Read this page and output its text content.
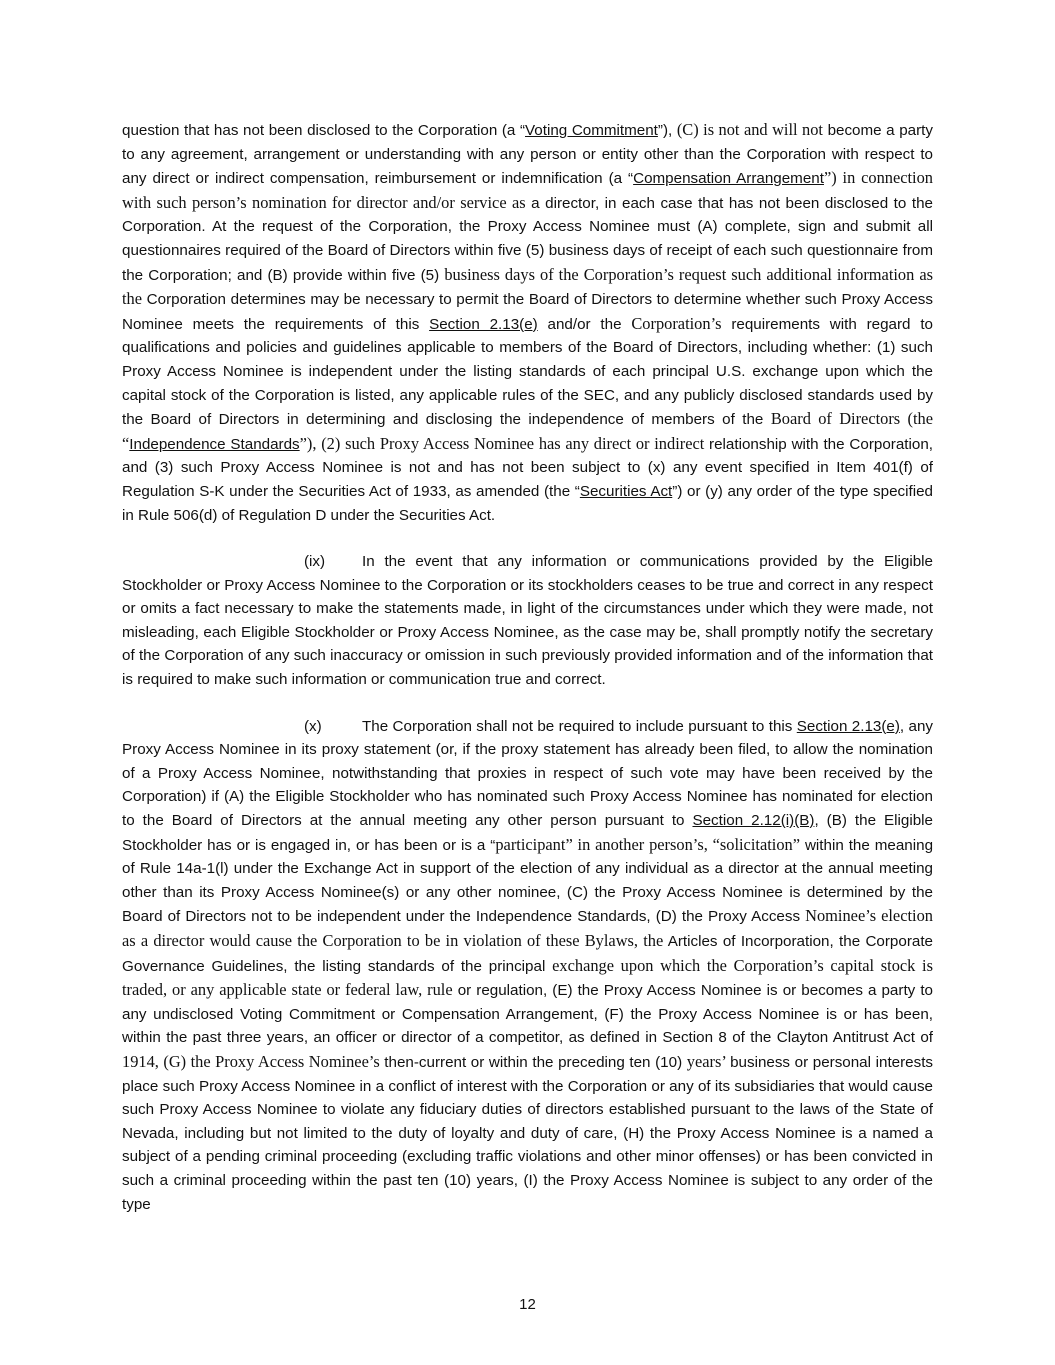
question that has not been disclosed to the Corporation (a “Voting Commitment”), (C) is not and will not become a party to any agreement, arrangement or understanding with any person or entity other than the Corporation with respect to any direct or indirect compensation, reimbursement or indemnification (a “Compensation Arrangement”) in connection with such person’s nomination for director and/or service as a director, in each case that has not been disclosed to the Corporation. At the request of the Corporation, the Proxy Access Nominee must (A) complete, sign and submit all questionnaires required of the Board of Directors within five (5) business days of receipt of each such questionnaire from the Corporation; and (B) provide within five (5) business days of the Corporation’s request such additional information as the Corporation determines may be necessary to permit the Board of Directors to determine whether such Proxy Access Nominee meets the requirements of this Section 2.13(e) and/or the Corporation’s requirements with regard to qualifications and policies and guidelines applicable to members of the Board of Directors, including whether: (1) such Proxy Access Nominee is independent under the listing standards of each principal U.S. exchange upon which the capital stock of the Corporation is listed, any applicable rules of the SEC, and any publicly disclosed standards used by the Board of Directors in determining and disclosing the independence of members of the Board of Directors (the “Independence Standards”), (2) such Proxy Access Nominee has any direct or indirect relationship with the Corporation, and (3) such Proxy Access Nominee is not and has not been subject to (x) any event specified in Item 401(f) of Regulation S-K under the Securities Act of 1933, as amended (the “Securities Act”) or (y) any order of the type specified in Rule 506(d) of Regulation D under the Securities Act.

(ix) In the event that any information or communications provided by the Eligible Stockholder or Proxy Access Nominee to the Corporation or its stockholders ceases to be true and correct in any respect or omits a fact necessary to make the statements made, in light of the circumstances under which they were made, not misleading, each Eligible Stockholder or Proxy Access Nominee, as the case may be, shall promptly notify the secretary of the Corporation of any such inaccuracy or omission in such previously provided information and of the information that is required to make such information or communication true and correct.

(x)	The Corporation shall not be required to include pursuant to this Section 2.13(e), any Proxy Access Nominee in its proxy statement (or, if the proxy statement has already been filed, to allow the nomination of a Proxy Access Nominee, notwithstanding that proxies in respect of such vote may have been received by the Corporation) if (A) the Eligible Stockholder who has nominated such Proxy Access Nominee has nominated for election to the Board of Directors at the annual meeting any other person pursuant to Section 2.12(i)(B), (B) the Eligible Stockholder has or is engaged in, or has been or is a “participant” in another person’s, “solicitation” within the meaning of Rule 14a-1(l) under the Exchange Act in support of the election of any individual as a director at the annual meeting other than its Proxy Access Nominee(s) or any other nominee, (C) the Proxy Access Nominee is determined by the Board of Directors not to be independent under the Independence Standards, (D) the Proxy Access Nominee’s election as a director would cause the Corporation to be in violation of these Bylaws, the Articles of Incorporation, the Corporate Governance Guidelines, the listing standards of the principal exchange upon which the Corporation’s capital stock is traded, or any applicable state or federal law, rule or regulation, (E) the Proxy Access Nominee is or becomes a party to any undisclosed Voting Commitment or Compensation Arrangement, (F) the Proxy Access Nominee is or has been, within the past three years, an officer or director of a competitor, as defined in Section 8 of the Clayton Antitrust Act of 1914, (G) the Proxy Access Nominee’s then-current or within the preceding ten (10) years’ business or personal interests place such Proxy Access Nominee in a conflict of interest with the Corporation or any of its subsidiaries that would cause such Proxy Access Nominee to violate any fiduciary duties of directors established pursuant to the laws of the State of Nevada, including but not limited to the duty of loyalty and duty of care, (H) the Proxy Access Nominee is a named a subject of a pending criminal proceeding (excluding traffic violations and other minor offenses) or has been convicted in such a criminal proceeding within the past ten (10) years, (I) the Proxy Access Nominee is subject to any order of the type

12
